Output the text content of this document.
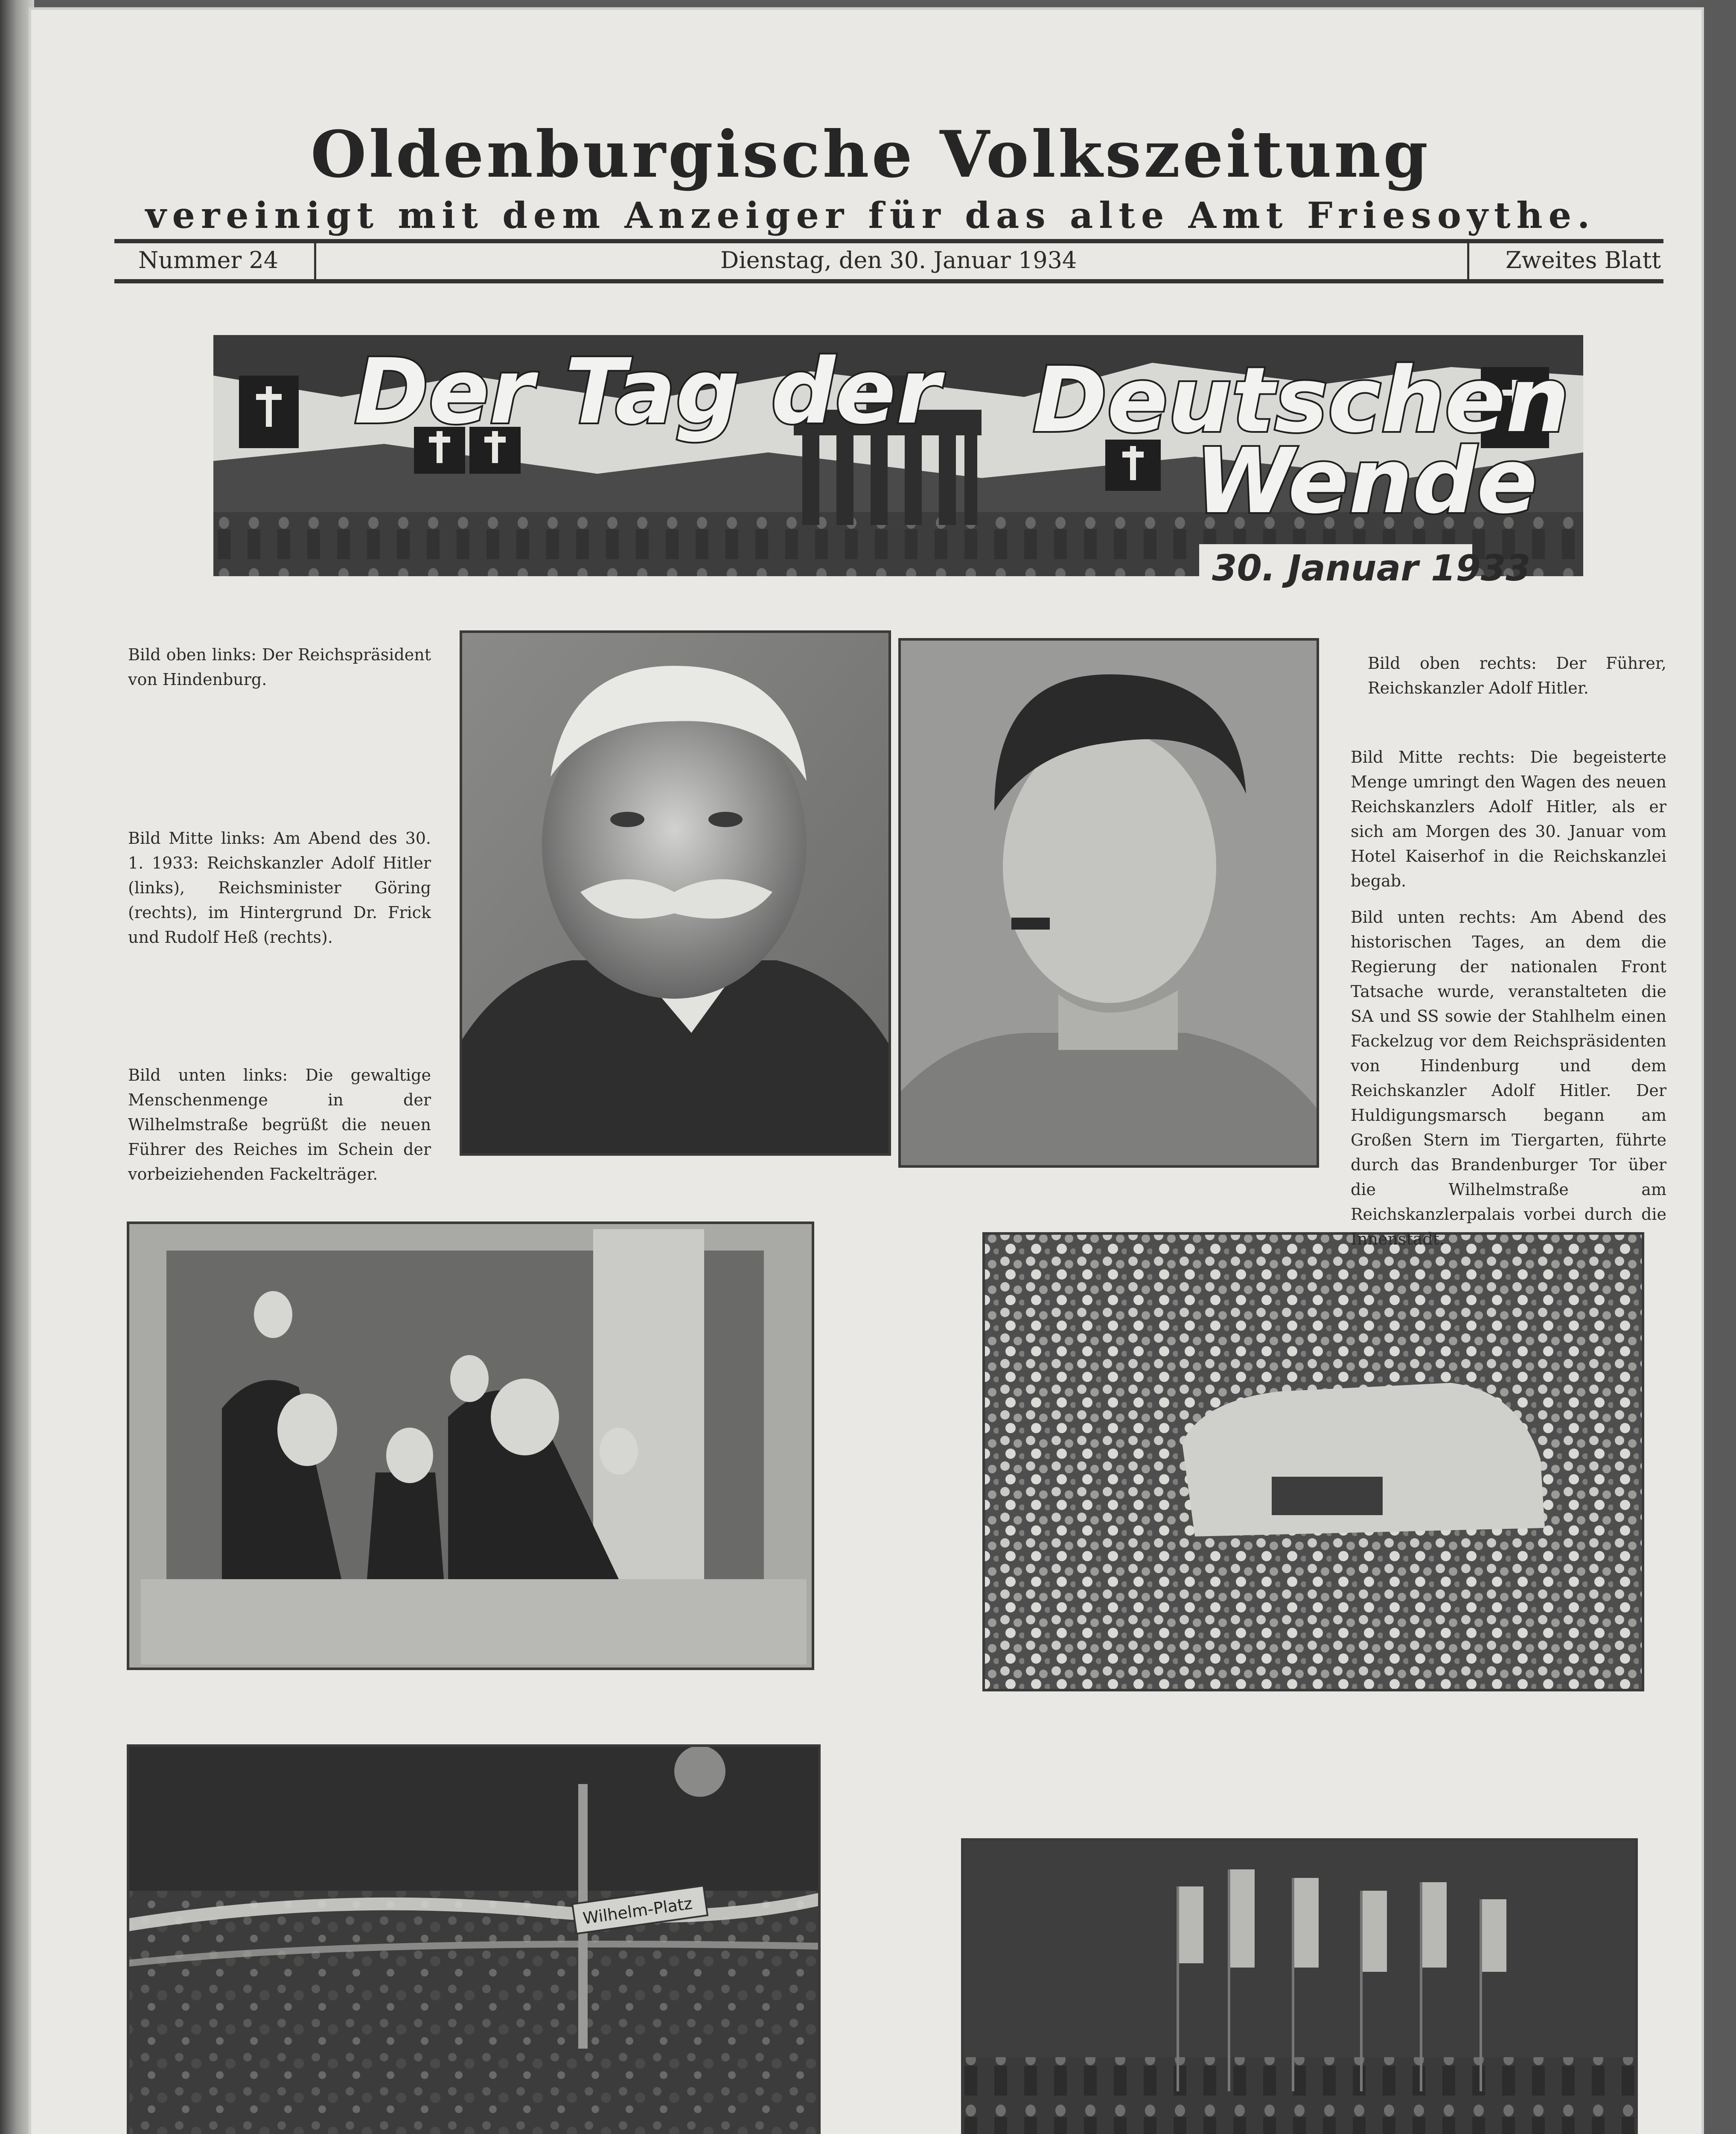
Der Tag der Deutschen
Wende
30. Januar 1933
Wilhelm-Platz
Oldenburgische Volkszeitung
vereinigt mit dem Anzeiger für das alte Amt Friesoythe.
Nummer 24	Dienstag, den 30. Januar 1934	Zweites Blatt
Bild oben links: Der Reichspräsident von Hindenburg.
Bild Mitte links: Am Abend des 30. 1. 1933: Reichskanzler Adolf Hitler (links), Reichsminister Göring (rechts), im Hintergrund Dr. Frick und Rudolf Heß (rechts).
Bild unten links: Die gewaltige Menschenmenge in der Wilhelmstraße begrüßt die neuen Führer des Reiches im Schein der vorbeiziehenden Fackelträger.
Bild oben rechts: Der Führer, Reichskanzler Adolf Hitler.
Bild Mitte rechts: Die begeisterte Menge umringt den Wagen des neuen Reichskanzlers Adolf Hitler, als er sich am Morgen des 30. Januar vom Hotel Kaiserhof in die Reichskanzlei begab.
Bild unten rechts: Am Abend des historischen Tages, an dem die Regierung der nationalen Front Tatsache wurde, veranstalteten die SA und SS sowie der Stahlhelm einen Fackelzug vor dem Reichspräsidenten von Hindenburg und dem Reichskanzler Adolf Hitler. Der Huldigungsmarsch begann am Großen Stern im Tiergarten, führte durch das Brandenburger Tor über die Wilhelmstraße am Reichskanzlerpalais vorbei durch die Innenstadt.
